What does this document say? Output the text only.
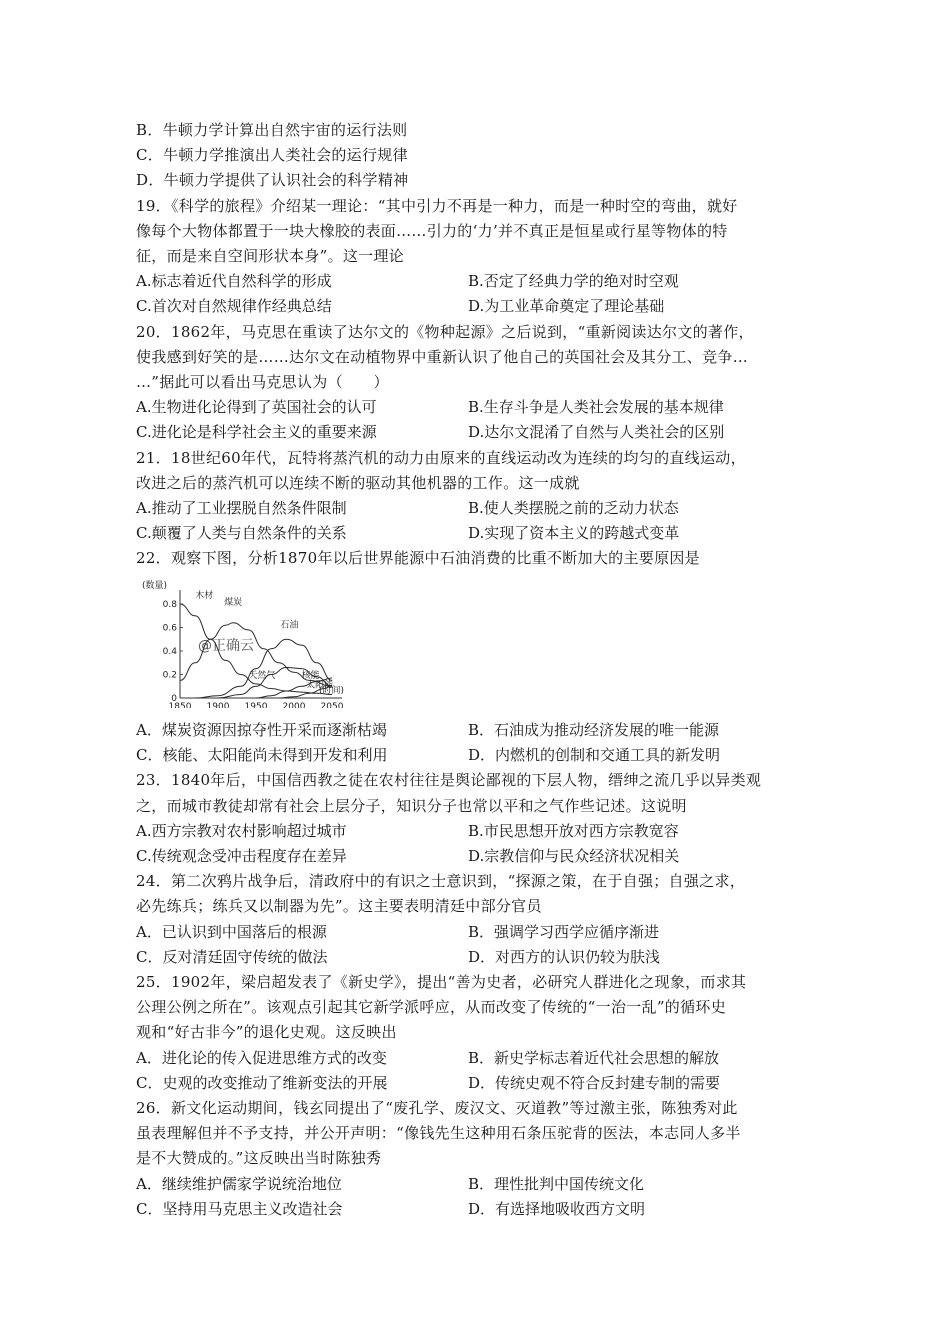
B．牛顿力学计算出自然宇宙的运行法则
C．牛顿力学推演出人类社会的运行规律
D．牛顿力学提供了认识社会的科学精神
19．《科学的旅程》介绍某一理论：“其中引力不再是一种力，而是一种时空的弯曲，就好
像每个大物体都置于一块大橡胶的表面……引力的‘力’并不真正是恒星或行星等物体的特
征，而是来自空间形状本身”。这一理论
A.标志着近代自然科学的形成	B.否定了经典力学的绝对时空观
C.首次对自然规律作经典总结	D.为工业革命奠定了理论基础
20．1862年，马克思在重读了达尔文的《物种起源》之后说到，“重新阅读达尔文的著作，
使我感到好笑的是……达尔文在动植物界中重新认识了他自己的英国社会及其分工、竞争…
…”据此可以看出马克思认为（　　）
A.生物进化论得到了英国社会的认可	B.生存斗争是人类社会发展的基本规律
C.进化论是科学社会主义的重要来源	D.达尔文混淆了自然与人类社会的区别
21．18世纪60年代，瓦特将蒸汽机的动力由原来的直线运动改为连续的均匀的直线运动，
改进之后的蒸汽机可以连续不断的驱动其他机器的工作。这一成就
A.推动了工业摆脱自然条件限制	B.使人类摆脱之前的乏动力状态
C.颠覆了人类与自然条件的关系	D.实现了资本主义的跨越式变革
22．观察下图，分析1870年以后世界能源中石油消费的比重不断加大的主要原因是
(数量)
0
0.2
0.4
0.6
0.8
1850 1900 1950 2000 2050
(时间)
@正确云
木材
煤炭
石油
天然气	核能
太阳能
A．煤炭资源因掠夺性开采而逐渐枯竭	B．石油成为推动经济发展的唯一能源
C．核能、太阳能尚未得到开发和利用	D．内燃机的创制和交通工具的新发明
23．1840年后，中国信西教之徒在农村往往是舆论鄙视的下层人物，缙绅之流几乎以异类观
之，而城市教徒却常有社会上层分子，知识分子也常以平和之气作些记述。这说明
A.西方宗教对农村影响超过城市	B.市民思想开放对西方宗教宽容
C.传统观念受冲击程度存在差异	D.宗教信仰与民众经济状况相关
24．第二次鸦片战争后，清政府中的有识之士意识到，“探源之策，在于自强；自强之求，
必先练兵；练兵又以制器为先”。这主要表明清廷中部分官员
A．已认识到中国落后的根源	B．强调学习西学应循序渐进
C．反对清廷固守传统的做法	D．对西方的认识仍较为肤浅
25．1902年，梁启超发表了《新史学》，提出“善为史者，必研究人群进化之现象，而求其
公理公例之所在”。该观点引起其它新学派呼应，从而改变了传统的“一治一乱”的循环史
观和“好古非今”的退化史观。这反映出
A．进化论的传入促进思维方式的改变	B．新史学标志着近代社会思想的解放
C．史观的改变推动了维新变法的开展	D．传统史观不符合反封建专制的需要
26．新文化运动期间，钱玄同提出了“废孔学、废汉文、灭道教”等过激主张，陈独秀对此
虽表理解但并不予支持，并公开声明：“像钱先生这种用石条压驼背的医法，本志同人多半
是不大赞成的。”这反映出当时陈独秀
A．继续维护儒家学说统治地位	B．理性批判中国传统文化
C．坚持用马克思主义改造社会	D．有选择地吸收西方文明
